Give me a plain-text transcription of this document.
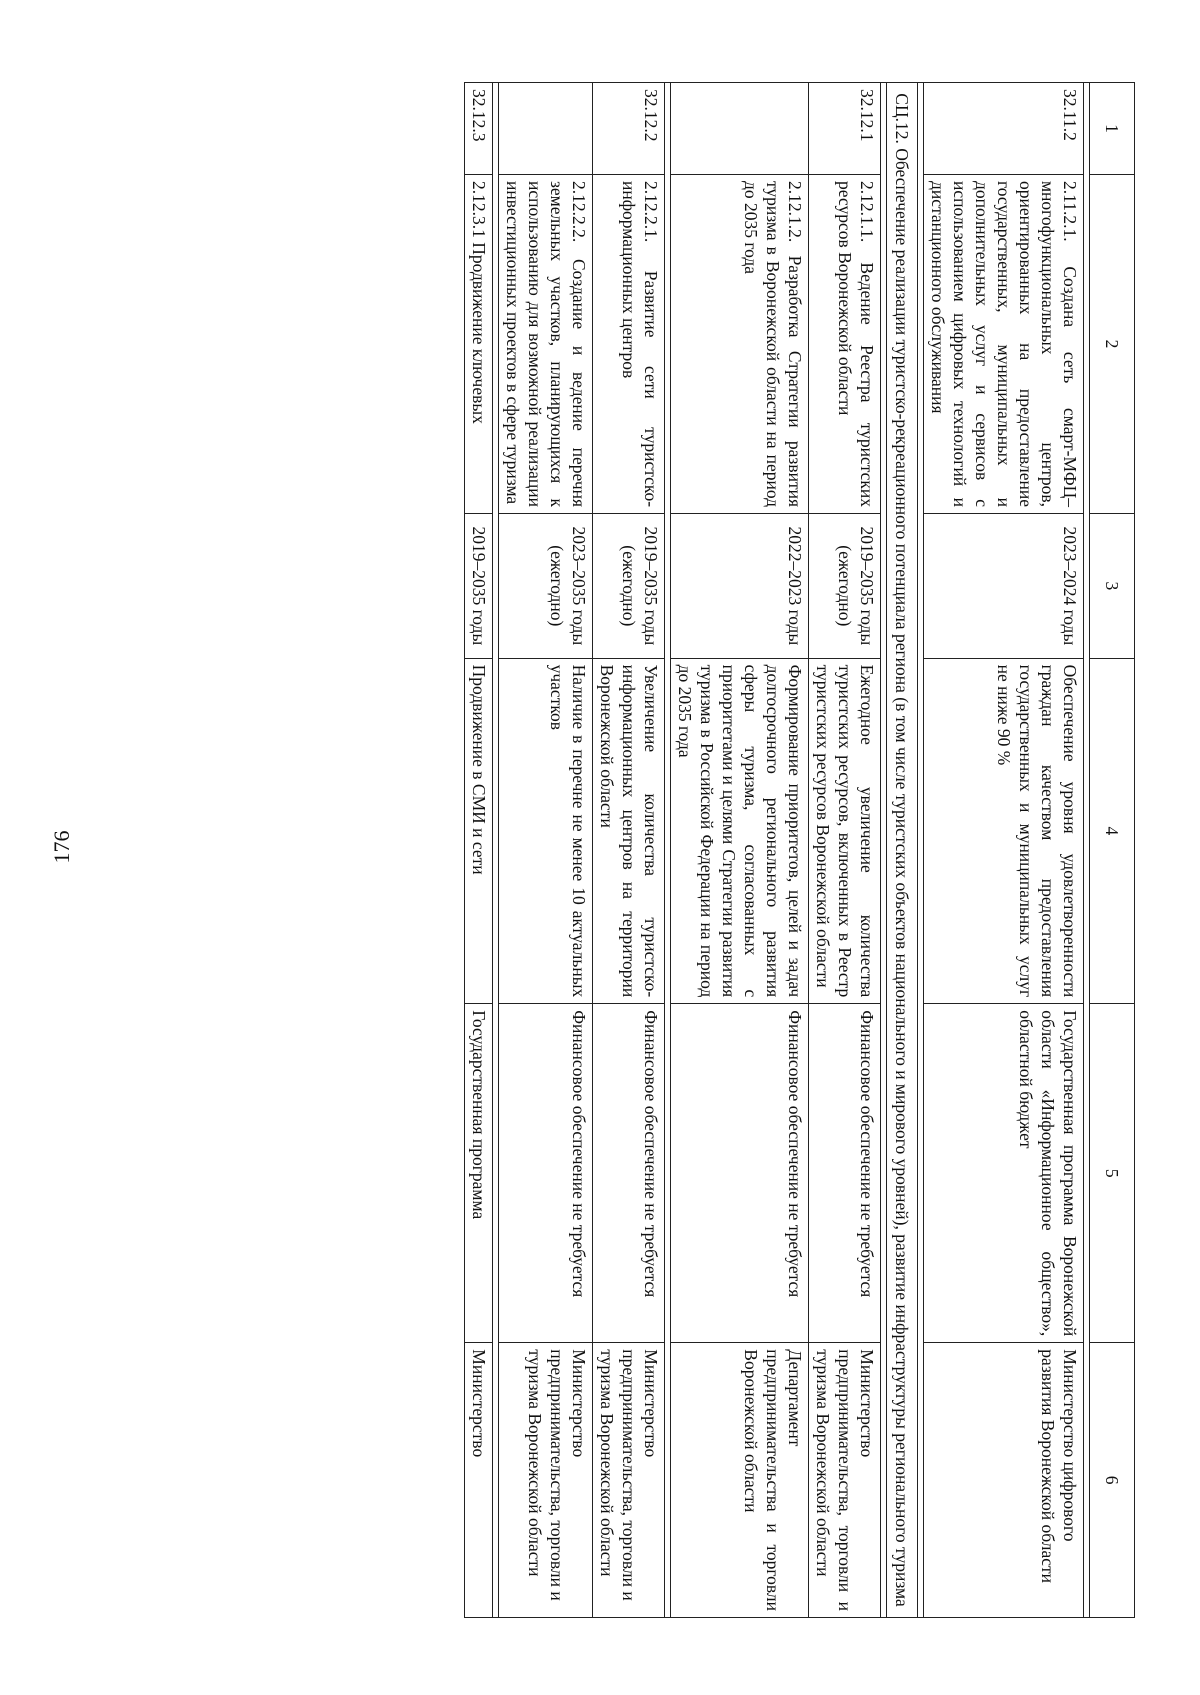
176
1	2	3	4	5	6

32.11.2	2.11.2.1. Создана сеть смарт-МФЦ–многофункциональных центров, ориентированных на предоставление государственных, муниципальных и дополнительных услуг и сервисов с использованием цифровых технологий и дистанционного обслуживания	2023–2024 годы	Обеспечение уровня удовлетворенности граждан качеством предоставления государственных и муниципальных услуг не ниже 90 %	Государственная программа Воронежской области «Информационное общество», областной бюджет	Министерство цифрового развития Воронежской области

СЦ.12. Обеспечение реализации туристско-рекреационного потенциала региона (в том числе туристских объектов национального и мирового уровней), развитие инфраструктуры регионального туризма					

32.12.1	2.12.1.1. Ведение Реестра туристских ресурсов Воронежской области	2019–2035 годы (ежегодно)	Ежегодное увеличение количества туристских ресурсов, включенных в Реестр туристских ресурсов Воронежской области	Финансовое обеспечение не требуется	Министерство предпринимательства, торговли и туризма Воронежской области
	2.12.1.2. Разработка Стратегии развития туризма в Воронежской области на период до 2035 года	2022–2023 годы	Формирование приоритетов, целей и задач долгосрочного регионального развития сферы туризма, согласованных с приоритетами и целями Стратегии развития туризма в Российской Федерации на период до 2035 года	Финансовое обеспечение не требуется	Департамент предпринимательства и торговли Воронежской области

32.12.2	2.12.2.1. Развитие сети туристско-информационных центров	2019–2035 годы (ежегодно)	Увеличение количества туристско-информационных центров на территории Воронежской области	Финансовое обеспечение не требуется	Министерство предпринимательства, торговли и туризма Воронежской области
	2.12.2.2. Создание и ведение перечня земельных участков, планирующихся к использованию для возможной реализации инвестиционных проектов в сфере туризма	2023–2035 годы (ежегодно)	Наличие в перечне не менее 10 актуальных участков	Финансовое обеспечение не требуется	Министерство предпринимательства, торговли и туризма Воронежской области

32.12.3	2.12.3.1 Продвижение ключевых	2019–2035 годы	Продвижение в СМИ и сети	Государственная программа	Министерство
